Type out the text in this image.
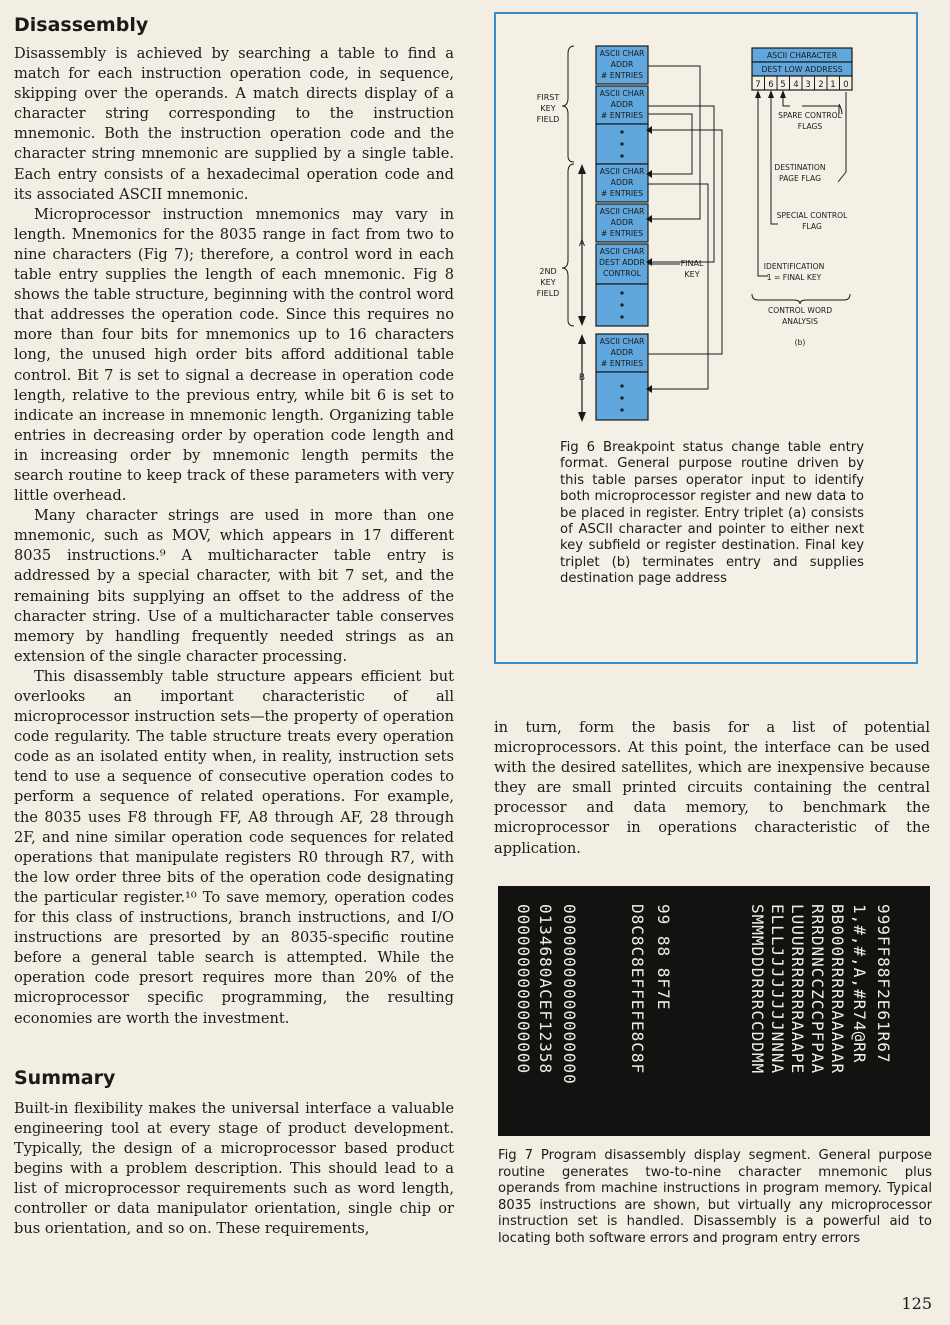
Disassembly

Disassembly is achieved by searching a table to find a match for each instruction operation code, in sequence, skipping over the operands. A match directs display of a character string corresponding to the instruction mnemonic. Both the instruction operation code and the character string mnemonic are supplied by a single table. Each entry consists of a hexadecimal operation code and its associated ASCII mnemonic.

Microprocessor instruction mnemonics may vary in length. Mnemonics for the 8035 range in fact from two to nine characters (Fig 7); therefore, a control word in each table entry supplies the length of each mnemonic. Fig 8 shows the table structure, beginning with the control word that addresses the operation code. Since this requires no more than four bits for mnemonics up to 16 characters long, the unused high order bits afford additional table control. Bit 7 is set to signal a decrease in operation code length, relative to the previous entry, while bit 6 is set to indicate an increase in mnemonic length. Organizing table entries in decreasing order by operation code length and in increasing order by mnemonic length permits the search routine to keep track of these parameters with very little overhead.

Many character strings are used in more than one mnemonic, such as MOV, which appears in 17 different 8035 instructions.⁹ A multicharacter table entry is addressed by a special character, with bit 7 set, and the remaining bits supplying an offset to the address of the character string. Use of a multicharacter table conserves memory by handling frequently needed strings as an extension of the single character processing.

This disassembly table structure appears efficient but overlooks an important characteristic of all microprocessor instruction sets—the property of operation code regularity. The table structure treats every operation code as an isolated entity when, in reality, instruction sets tend to use a sequence of consecutive operation codes to perform a sequence of related operations. For example, the 8035 uses F8 through FF, A8 through AF, 28 through 2F, and nine similar operation code sequences for related operations that manipulate registers R0 through R7, with the low order three bits of the operation code designating the particular register.¹⁰ To save memory, operation codes for this class of instructions, branch instructions, and I/O instructions are presorted by an 8035-specific routine before a general table search is attempted. While the operation code presort requires more than 20% of the microprocessor specific programming, the resulting economies are worth the investment.

Summary

Built-in flexibility makes the universal interface a valuable engineering tool at every stage of product development. Typically, the design of a microprocessor based product begins with a problem description. This should lead to a list of microprocessor requirements such as word length, controller or data manipulator orientation, single chip or bus orientation, and so on. These requirements,

ASCII CHAR
ADDR
# ENTRIES
ASCII CHAR
ADDR
# ENTRIES
ASCII CHAR
ADDR
# ENTRIES
ASCII CHAR
ADDR
# ENTRIES
ASCII CHAR
DEST ADDR
CONTROL
ASCII CHAR
ADDR
# ENTRIES
FIRST
KEY
FIELD
2ND
KEY
FIELD
A
B
FINAL
KEY
ASCII CHARACTER
DEST LOW ADDRESS
7 6 5 4 3 2 1 0
SPARE CONTROL
FLAGS
DESTINATION
PAGE FLAG
SPECIAL CONTROL
FLAG
IDENTIFICATION
1 = FINAL KEY
CONTROL WORD
ANALYSIS
(b)
Fig 6 Breakpoint status change table entry format. General purpose routine driven by this table parses operator input to identify both microprocessor register and new data to be placed in register. Entry triplet (a) consists of ASCII character and pointer to either next key subfield or register destination. Final key triplet (b) terminates entry and supplies destination page address

in turn, form the basis for a list of potential microprocessors. At this point, the interface can be used with the desired satellites, which are inexpensive because they are small printed circuits containing the central processor and data memory, to benchmark the microprocessor in operations characteristic of the application.

0000000000000000 0134680ACEF12358 00000000000000000	D8C8C8EFFEFE8C8F 99 88 8F7E	SMMMDDDRRRCCDDMM ELLLJJJJJJJJNNNA LUUURRRRRRRAAAPE RRRDNNCCZCCPFPAA BB000RRRRRAAAAAR 1,#,#,A,#R74@RR 999FF88F2E61R67
Fig 7 Program disassembly display segment. General purpose routine generates two-to-nine character mnemonic plus operands from machine instructions in program memory. Typical 8035 instructions are shown, but virtually any microprocessor instruction set is handled. Disassembly is a powerful aid to locating both software errors and program entry errors
125
